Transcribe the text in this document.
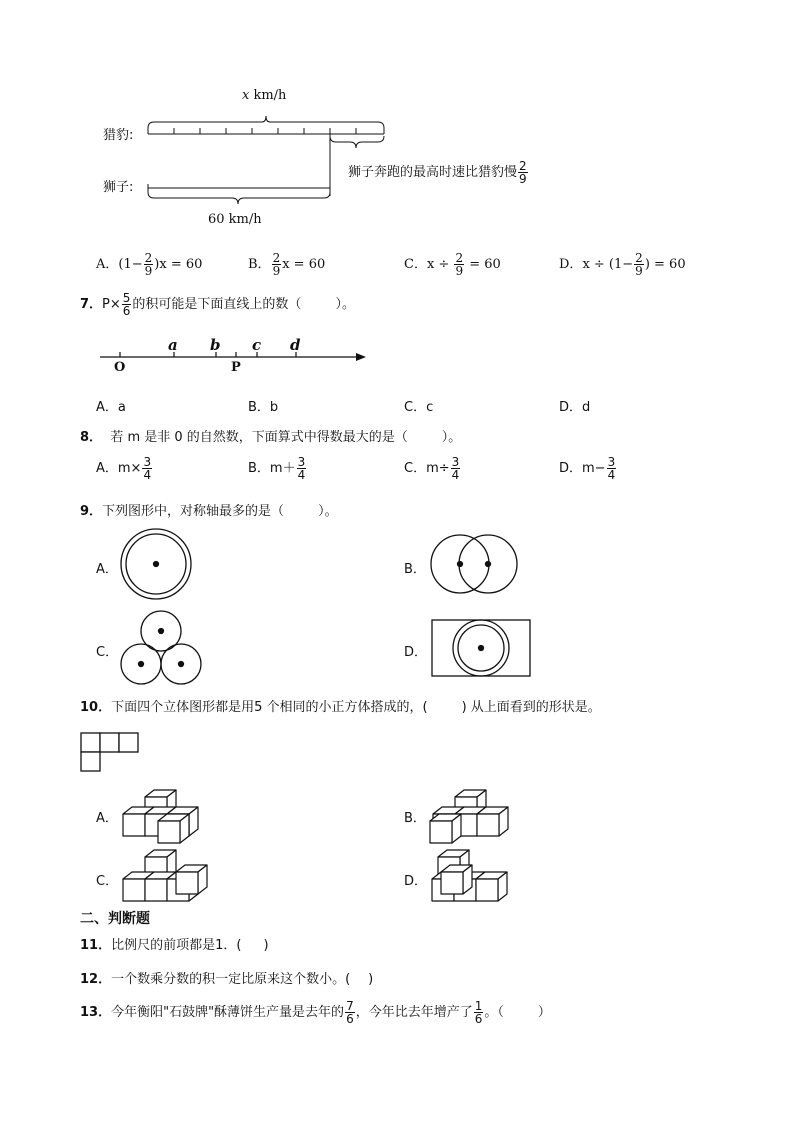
x km/h
猎豹:
狮子:
狮子奔跑的最高时速比猎豹慢 $\frac{2}{9}$
60 km/h
A．$(1- \frac{2}{9} )x = 60$	B． $\frac{2}{9}$ x = 60	C．$x \div \frac{2}{9} = 60$	D．$x \div (1- \frac{2}{9}$ ) = 60
7．$P\times \frac{5}{6}$ 的积可能是下面直线上的数（	）。
O	P
a b c d
A．a	B．b	C．c	D．d
8． 若 m 是非 0 的自然数，下面算式中得数最大的是（	）。
A．$m\times \frac{3}{4}$	B．$m+ \frac{3}{4}$	C．$m\div \frac{3}{4}$	D．$m- \frac{3}{4}$
9．下列图形中，对称轴最多的是（	）。
A．	B．
C．	D．
10．下面四个立体图形都是用5 个相同的小正方体搭成的，(	) 从上面看到的形状是。
A．	B．
C．	D．
二、判断题
11．比例尺的前项都是1．( )
12．一个数乘分数的积一定比原来这个数小。( )
13．今年衡阳"石鼓牌"酥薄饼生产量是去年的 $\frac{7}{6}$ ，今年比去年增产了 $\frac{1}{6}$ 。（	）
